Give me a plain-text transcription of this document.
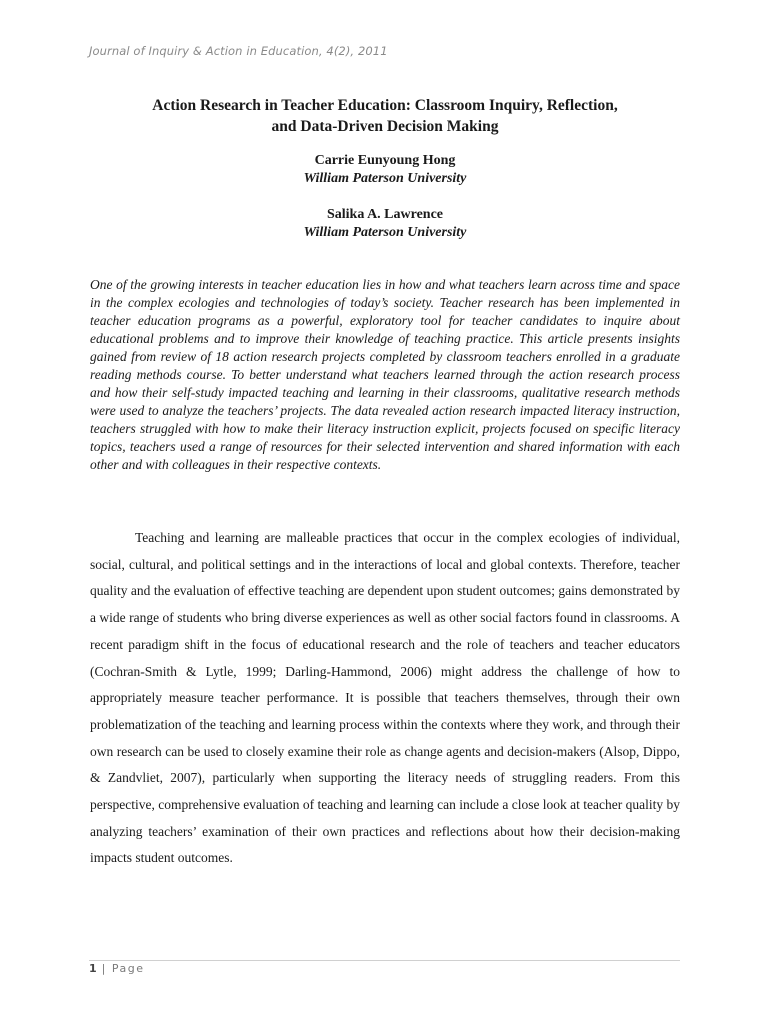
Journal of Inquiry & Action in Education, 4(2), 2011
Action Research in Teacher Education: Classroom Inquiry, Reflection,
and Data-Driven Decision Making
Carrie Eunyoung Hong
William Paterson University
Salika A. Lawrence
William Paterson University

One of the growing interests in teacher education lies in how and what teachers learn across time and space in the complex ecologies and technologies of today’s society. Teacher research has been implemented in teacher education programs as a powerful, exploratory tool for teacher candidates to inquire about educational problems and to improve their knowledge of teaching practice. This article presents insights gained from review of 18 action research projects completed by classroom teachers enrolled in a graduate reading methods course. To better understand what teachers learned through the action research process and how their self-study impacted teaching and learning in their classrooms, qualitative research methods were used to analyze the teachers’ projects. The data revealed action research impacted literacy instruction, teachers struggled with how to make their literacy instruction explicit, projects focused on specific literacy topics, teachers used a range of resources for their selected intervention and shared information with each other and with colleagues in their respective contexts.

Teaching and learning are malleable practices that occur in the complex ecologies of individual, social, cultural, and political settings and in the interactions of local and global contexts. Therefore, teacher quality and the evaluation of effective teaching are dependent upon student outcomes; gains demonstrated by a wide range of students who bring diverse experiences as well as other social factors found in classrooms. A recent paradigm shift in the focus of educational research and the role of teachers and teacher educators (Cochran-Smith & Lytle, 1999; Darling-Hammond, 2006) might address the challenge of how to appropriately measure teacher performance. It is possible that teachers themselves, through their own problematization of the teaching and learning process within the contexts where they work, and through their own research can be used to closely examine their role as change agents and decision-makers (Alsop, Dippo, & Zandvliet, 2007), particularly when supporting the literacy needs of struggling readers. From this perspective, comprehensive evaluation of teaching and learning can include a close look at teacher quality by analyzing teachers’ examination of their own practices and reflections about how their decision-making impacts student outcomes.

1 | Page
